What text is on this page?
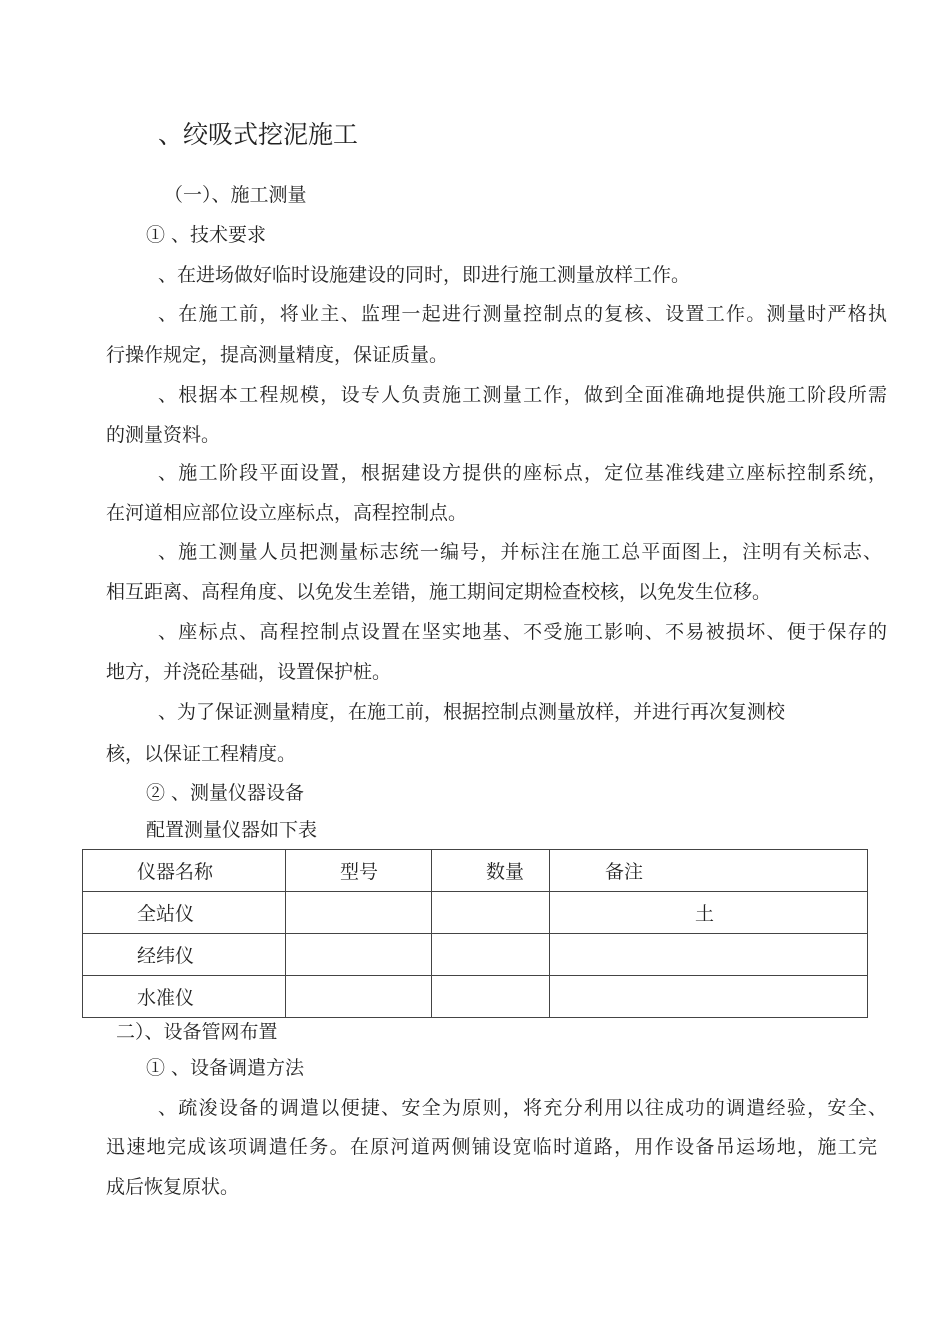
、绞吸式挖泥施工
（一）、施工测量
① 、技术要求
、在进场做好临时设施建设的同时，即进行施工测量放样工作。
、在施工前，将业主、监理一起进行测量控制点的复核、设置工作。测量时严格执
行操作规定，提高测量精度，保证质量。
、根据本工程规模，设专人负责施工测量工作，做到全面准确地提供施工阶段所需
的测量资料。
、施工阶段平面设置，根据建设方提供的座标点，定位基准线建立座标控制系统，
在河道相应部位设立座标点，高程控制点。
、施工测量人员把测量标志统一编号，并标注在施工总平面图上，注明有关标志、
相互距离、高程角度、以免发生差错，施工期间定期检查校核，以免发生位移。
、座标点、高程控制点设置在坚实地基、不受施工影响、不易被损坏、便于保存的
地方，并浇砼基础，设置保护桩。
、为了保证测量精度，在施工前，根据控制点测量放样，并进行再次复测校
核，以保证工程精度。
② 、测量仪器设备
配置测量仪器如下表
仪器名称	型号	数量	备注
全站仪			土
经纬仪			
水准仪			
二）、设备管网布置
① 、设备调遣方法
、疏浚设备的调遣以便捷、安全为原则，将充分利用以往成功的调遣经验，安全、
迅速地完成该项调遣任务。在原河道两侧铺设宽临时道路，用作设备吊运场地，施工完
成后恢复原状。
